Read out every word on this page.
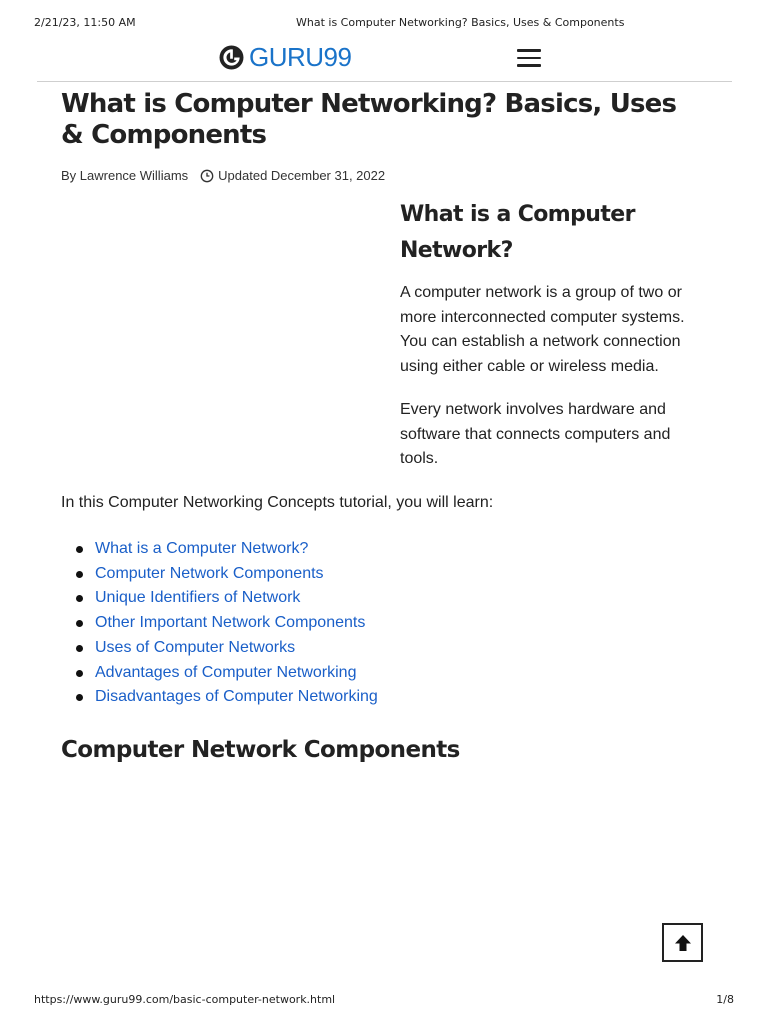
2/21/23, 11:50 AM	What is Computer Networking? Basics, Uses & Components
GURU99
What is Computer Networking? Basics, Uses & Components
By Lawrence Williams Updated December 31, 2022
What is a Computer Network?

A computer network is a group of two or more interconnected computer systems. You can establish a network connection using either cable or wireless media.

Every network involves hardware and software that connects computers and tools.

In this Computer Networking Concepts tutorial, you will learn:

What is a Computer Network?
Computer Network Components
Unique Identifiers of Network
Other Important Network Components
Uses of Computer Networks
Advantages of Computer Networking
Disadvantages of Computer Networking
Computer Network Components
https://www.guru99.com/basic-computer-network.html	1/8
